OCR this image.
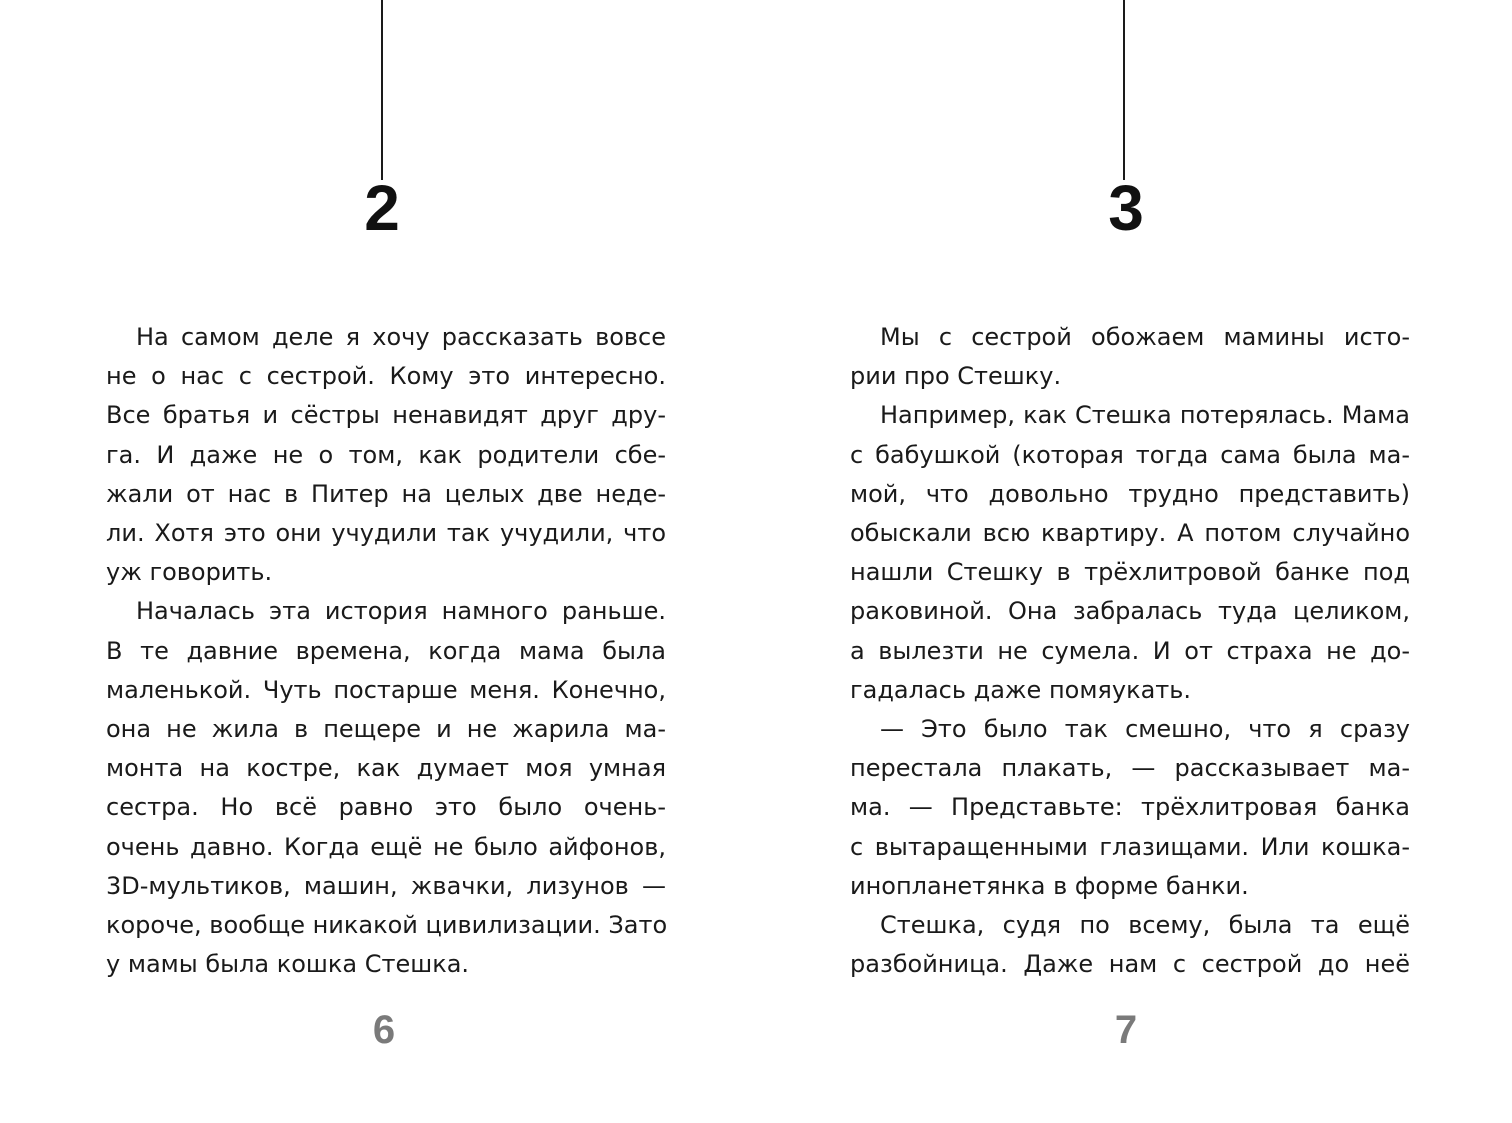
2
На самом деле я хочу рассказать вовсе
не о нас с сестрой. Кому это интересно.
Все братья и сёстры ненавидят друг дру-
га. И даже не о том, как родители сбе-
жали от нас в Питер на целых две неде-
ли. Хотя это они учудили так учудили, что
уж говорить.
Началась эта история намного раньше.
В те давние времена, когда мама была
маленькой. Чуть постарше меня. Конечно,
она не жила в пещере и не жарила ма-
монта на костре, как думает моя умная
сестра. Но всё равно это было очень-
очень давно. Когда ещё не было айфонов,
3D-мультиков, машин, жвачки, лизунов —
короче, вообще никакой цивилизации. Зато
у мамы была кошка Стешка.
6
3
Мы с сестрой обожаем мамины исто-
рии про Стешку.
Например, как Стешка потерялась. Мама
с бабушкой (которая тогда сама была ма-
мой, что довольно трудно представить)
обыскали всю квартиру. А потом случайно
нашли Стешку в трёхлитровой банке под
раковиной. Она забралась туда целиком,
а вылезти не сумела. И от страха не до-
гадалась даже помяукать.
— Это было так смешно, что я сразу
перестала плакать, — рассказывает ма-
ма. — Представьте: трёхлитровая банка
с вытаращенными глазищами. Или кошка-
инопланетянка в форме банки.
Стешка, судя по всему, была та ещё
разбойница. Даже нам с сестрой до неё
7
